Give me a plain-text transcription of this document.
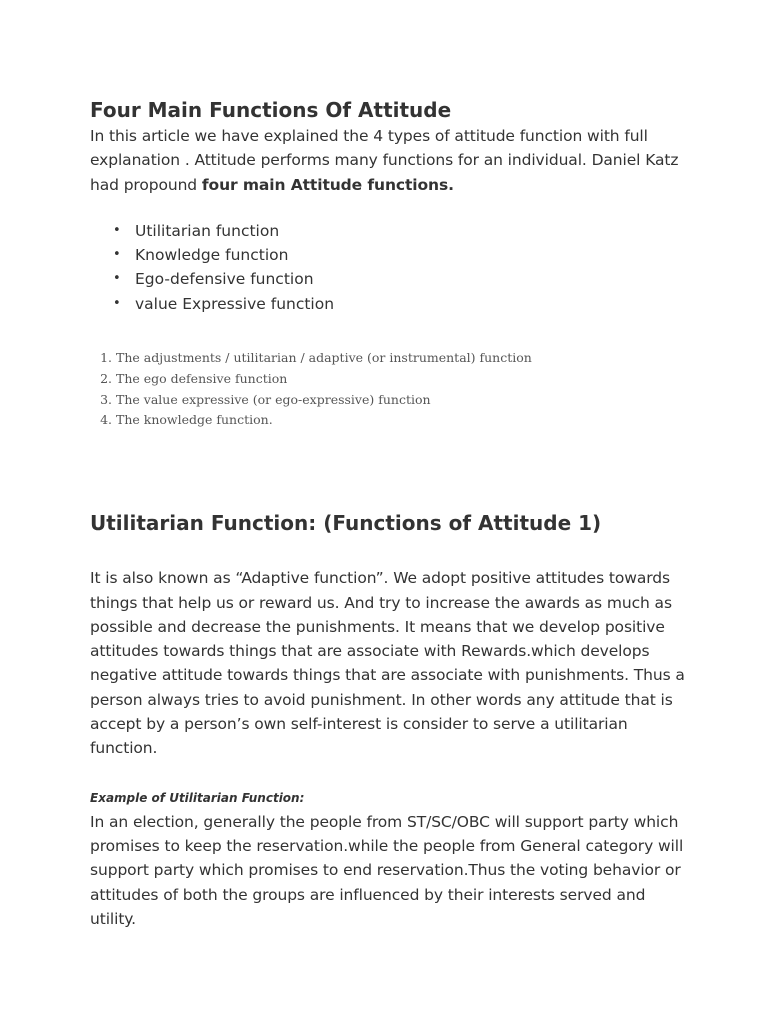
Four Main Functions Of Attitude

In this article we have explained the 4 types of attitude function with full explanation . Attitude performs many functions for an individual. Daniel Katz had propound four main Attitude functions.

• Utilitarian function
• Knowledge function
• Ego-defensive function
• value Expressive function
1. The adjustments / utilitarian / adaptive (or instrumental) function
2. The ego defensive function
3. The value expressive (or ego-expressive) function
4. The knowledge function.
Utilitarian Function: (Functions of Attitude 1)

It is also known as “Adaptive function”. We adopt positive attitudes towards things that help us or reward us. And try to increase the awards as much as possible and decrease the punishments. It means that we develop positive attitudes towards things that are associate with Rewards.which develops negative attitude towards things that are associate with punishments. Thus a person always tries to avoid punishment. In other words any attitude that is accept by a person’s own self-interest is consider to serve a utilitarian function.

Example of Utilitarian Function:

In an election, generally the people from ST/SC/OBC will support party which promises to keep the reservation.while the people from General category will support party which promises to end reservation.Thus the voting behavior or attitudes of both the groups are influenced by their interests served and utility.
